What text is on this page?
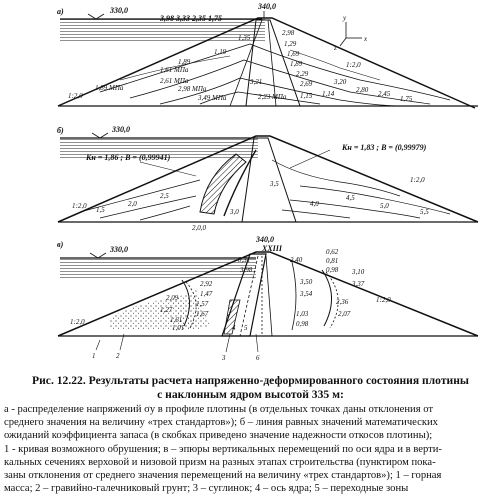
а)	330,0	340,0
3,98 3,33 2,35 1,75
1,61 МПа
1,89
2,61 МПа
2,98 МПа
3,49 МПа
1,89 МПа
2,23 МПа
1,35
1,19
2,98
1,29
1,69
1,89
2,29
2,69	3,20
2,80 2,45
1,75
1,14
3,21
1,15
1:2,0
1:2,0
y
x
z
б)	330,0
Кн = 1,86 ; В = (0,99941)
Кн = 1,83 ; В = (0,99979)
1:2,0
1:2,0
1,5
2,0
2,5
3,0
3,5
4,0
4,5
5,0
5,5
2,0,0
в)
330,0
340,0
XXIII
1:2,0
1:2,0
0,31
3,98
2,92
1,47
2,09
1,27
1,57
1,67
1,61
1,01
2,40
0,62
0,81
0,98 3,10
3,37
3,50
3,54
2,36
2,07
1,03
0,98
1	2	3
4 5
6

Рис. 12.22. Результаты расчета напряженно-деформированного состояния плотины

с наклонным ядром высотой 335 м:

а - распределение напряжений σy в профиле плотины (в отдельных точках даны отклонения от

среднего значения на величину «трех стандартов»); б – линия равных значений математических

ожиданий коэффициента запаса (в скобках приведено значение надежности откосов плотины);

1 - кривая возможного обрушения; в – эпюры вертикальных перемещений по оси ядра и в верти-

кальных сечениях верховой и низовой призм на разных этапах строительства (пунктиром пока-

заны отклонения от среднего значения перемещений на величину «трех стандартов»); 1 – горная

масса; 2 – гравийно-галечниковый грунт; 3 – суглинок; 4 – ось ядра; 5 – переходные зоны
